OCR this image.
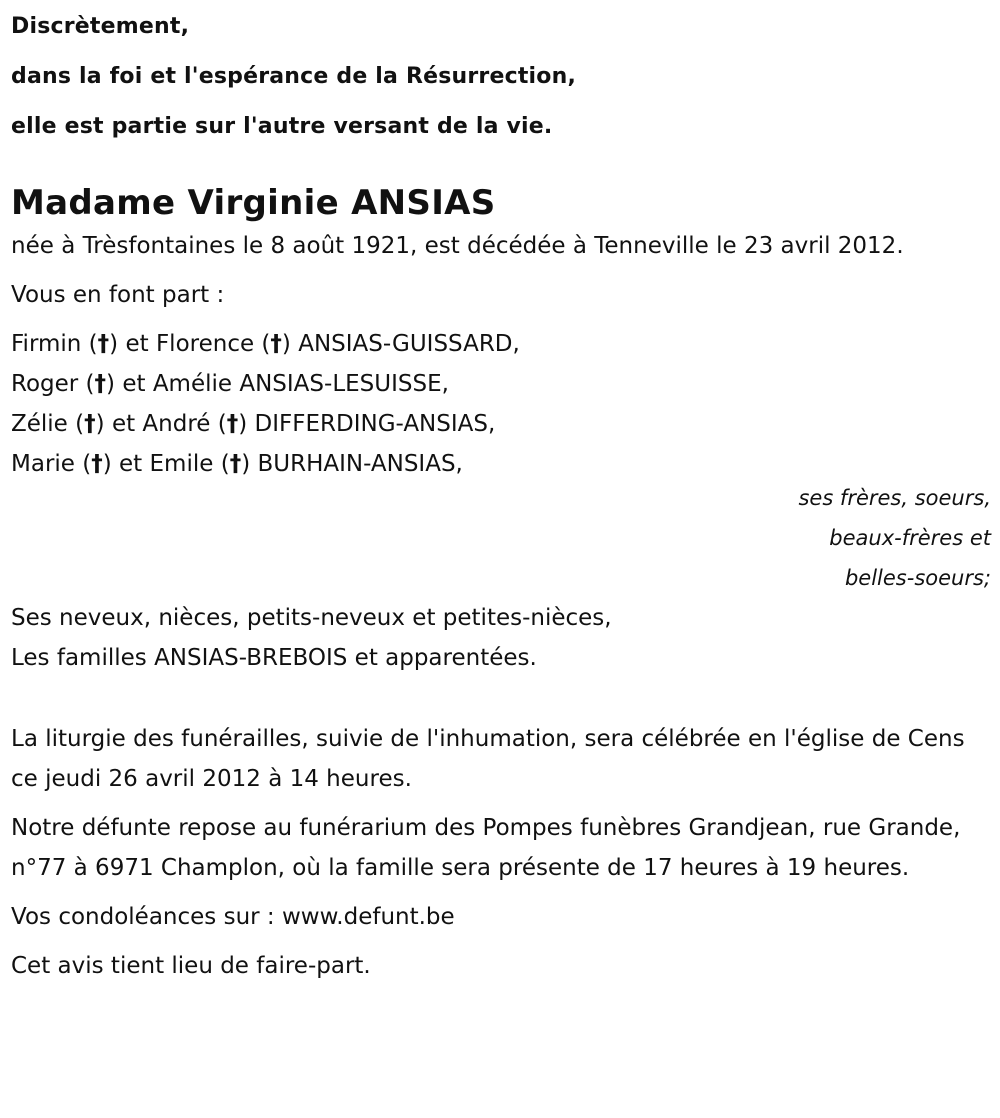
Discrètement,

dans la foi et l'espérance de la Résurrection,

elle est partie sur l'autre versant de la vie.

Madame Virginie ANSIAS

née à Trèsfontaines le 8 août 1921, est décédée à Tenneville le 23 avril 2012.

Vous en font part :

Firmin (†) et Florence (†) ANSIAS-GUISSARD,
Roger (†) et Amélie ANSIAS-LESUISSE,
Zélie (†) et André (†) DIFFERDING-ANSIAS,
Marie (†) et Emile (†) BURHAIN-ANSIAS,
ses frères, soeurs,
beaux-frères et
belles-soeurs;
Ses neveux, nièces, petits-neveux et petites-nièces,
Les familles ANSIAS-BREBOIS et apparentées.

La liturgie des funérailles, suivie de l'inhumation, sera célébrée en l'église de Cens ce jeudi 26 avril 2012 à 14 heures.

Notre défunte repose au funérarium des Pompes funèbres Grandjean, rue Grande, n°77 à 6971 Champlon, où la famille sera présente de 17 heures à 19 heures.

Vos condoléances sur : www.defunt.be

Cet avis tient lieu de faire-part.
